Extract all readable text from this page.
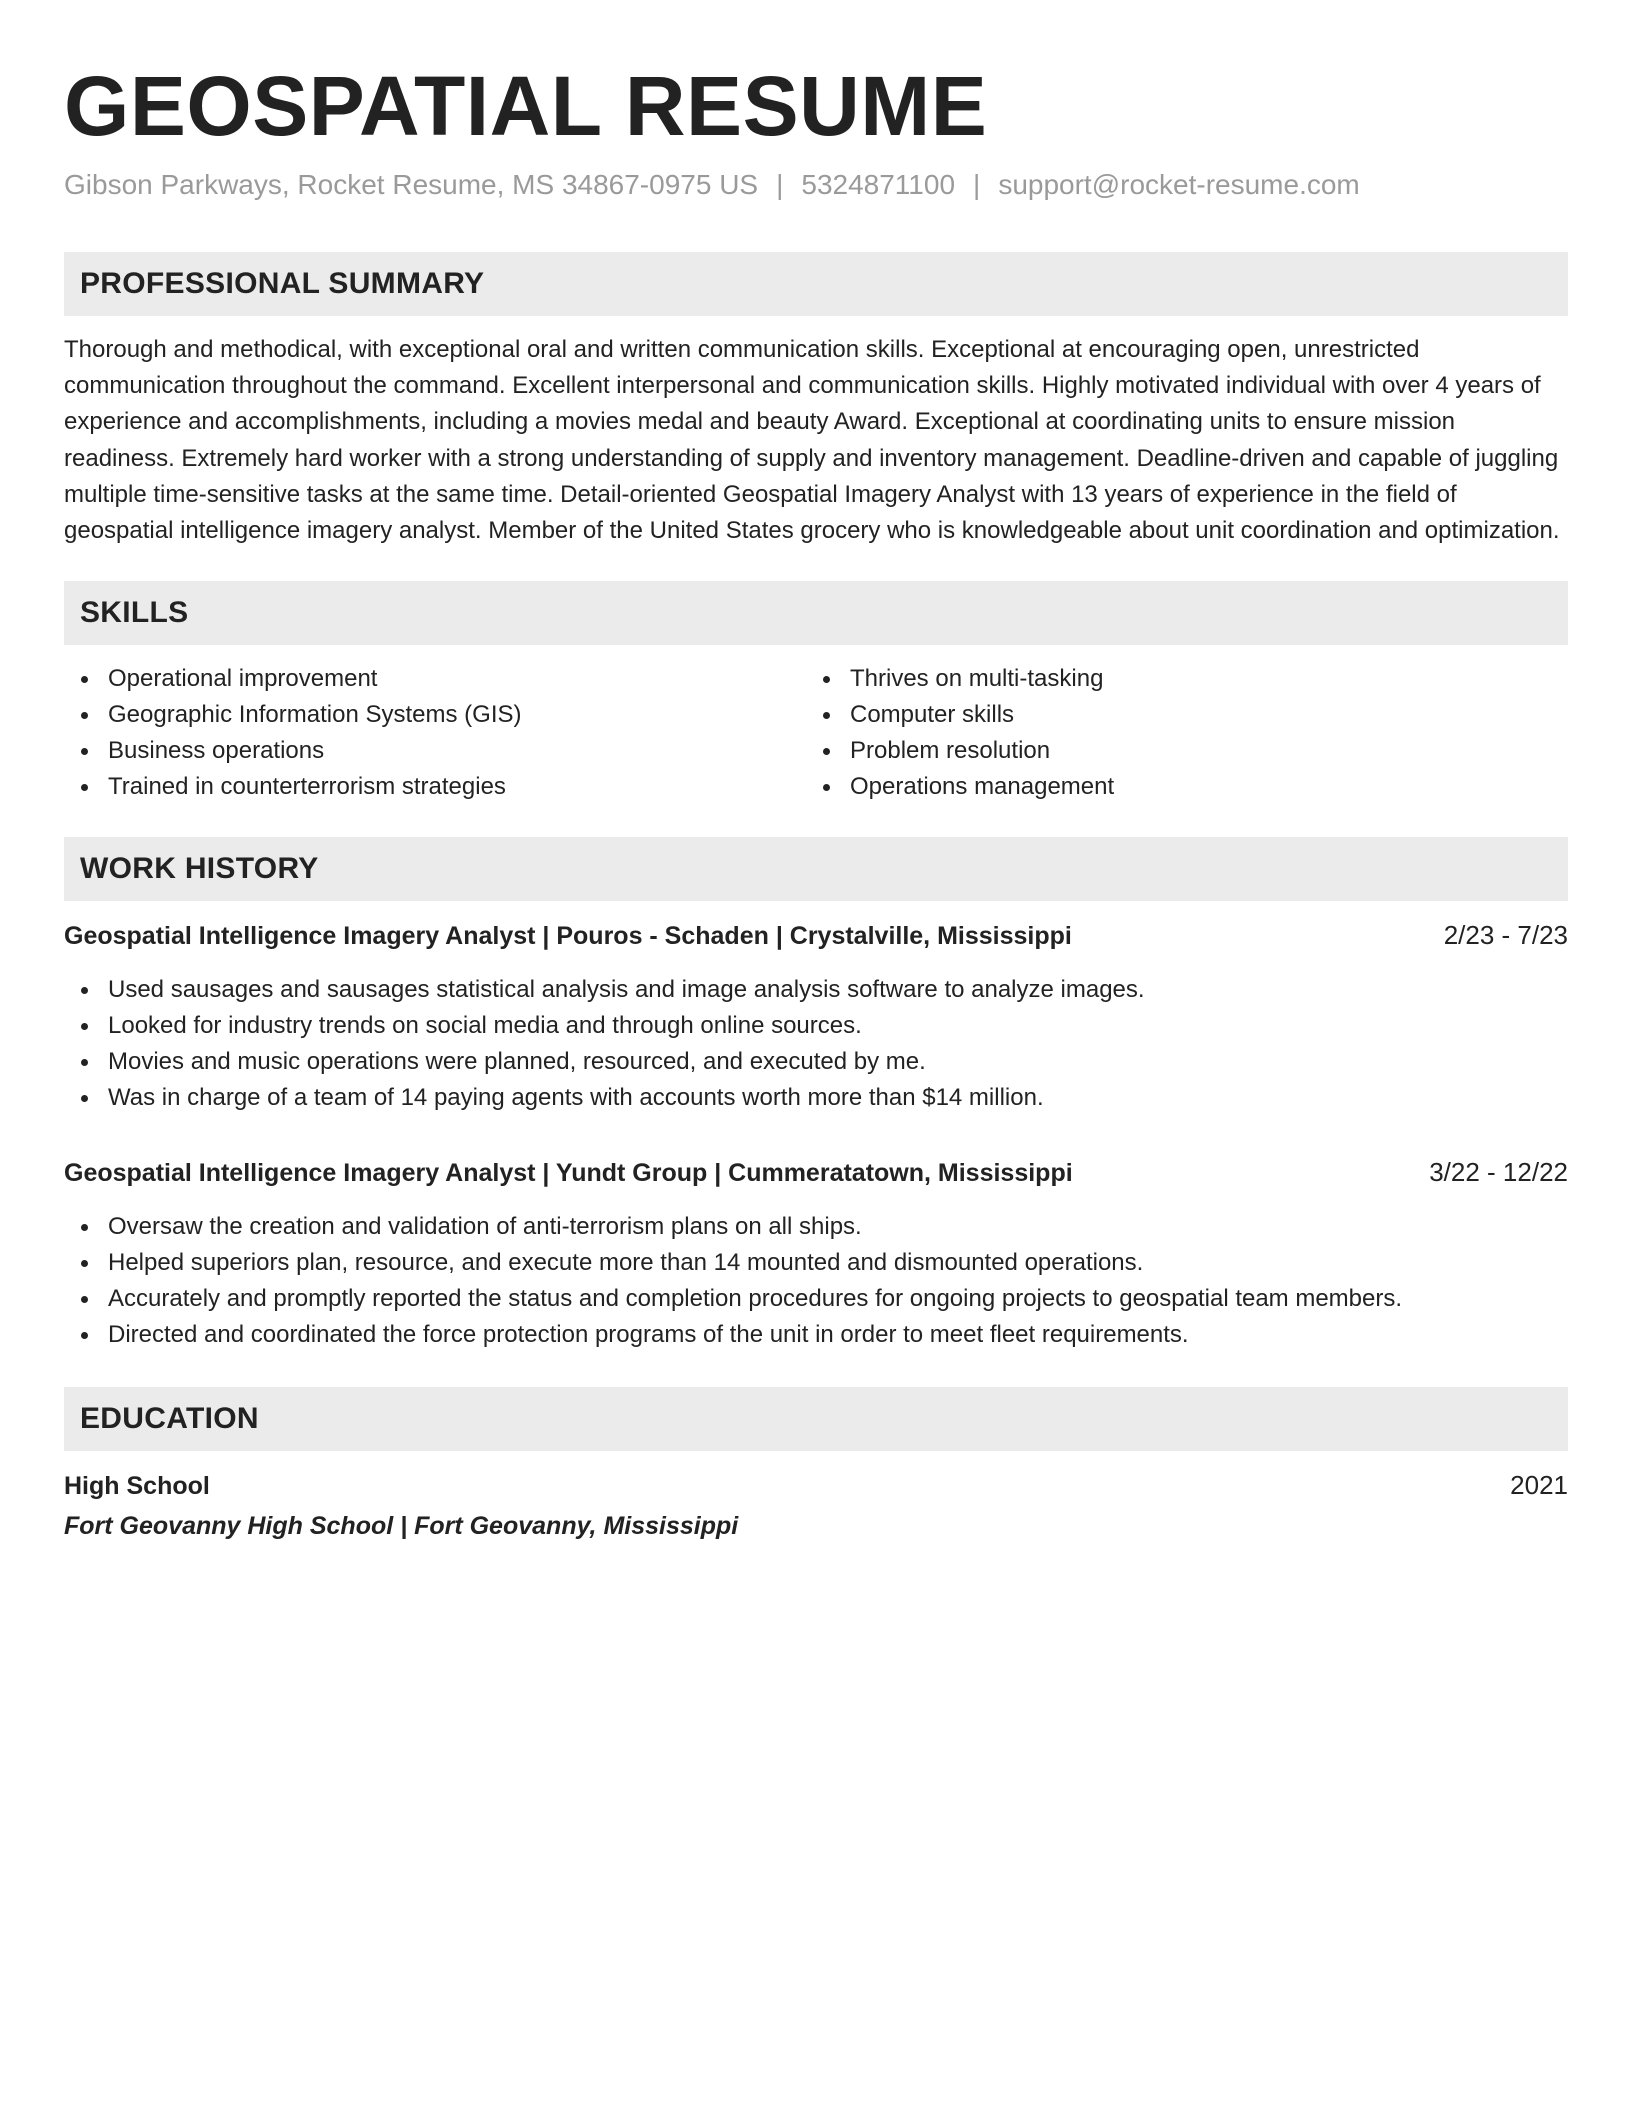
GEOSPATIAL RESUME
Gibson Parkways, Rocket Resume, MS 34867-0975 US | 5324871100 | support@rocket-resume.com
PROFESSIONAL SUMMARY

Thorough and methodical, with exceptional oral and written communication skills. Exceptional at encouraging open, unrestricted communication throughout the command. Excellent interpersonal and communication skills. Highly motivated individual with over 4 years of experience and accomplishments, including a movies medal and beauty Award. Exceptional at coordinating units to ensure mission readiness. Extremely hard worker with a strong understanding of supply and inventory management. Deadline-driven and capable of juggling multiple time-sensitive tasks at the same time. Detail-oriented Geospatial Imagery Analyst with 13 years of experience in the field of geospatial intelligence imagery analyst. Member of the United States grocery who is knowledgeable about unit coordination and optimization.

SKILLS
Operational improvement
Geographic Information Systems (GIS)
Business operations
Trained in counterterrorism strategies
Thrives on multi-tasking
Computer skills
Problem resolution
Operations management
WORK HISTORY
Geospatial Intelligence Imagery Analyst | Pouros - Schaden | Crystalville, Mississippi	2/23 - 7/23
Used sausages and sausages statistical analysis and image analysis software to analyze images.
Looked for industry trends on social media and through online sources.
Movies and music operations were planned, resourced, and executed by me.
Was in charge of a team of 14 paying agents with accounts worth more than $14 million.
Geospatial Intelligence Imagery Analyst | Yundt Group | Cummeratatown, Mississippi	3/22 - 12/22
Oversaw the creation and validation of anti-terrorism plans on all ships.
Helped superiors plan, resource, and execute more than 14 mounted and dismounted operations.
Accurately and promptly reported the status and completion procedures for ongoing projects to geospatial team members.
Directed and coordinated the force protection programs of the unit in order to meet fleet requirements.
EDUCATION
High School	2021
Fort Geovanny High School | Fort Geovanny, Mississippi
